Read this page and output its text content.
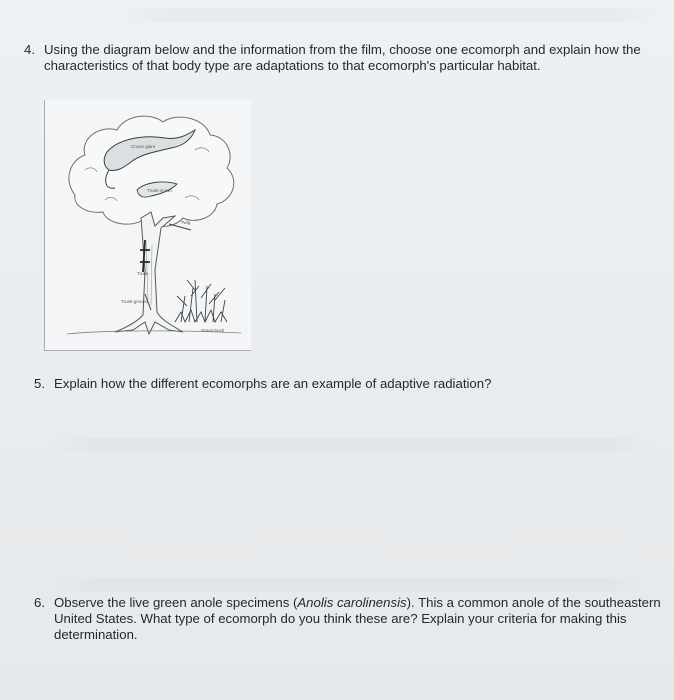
4. Using the diagram below and the information from the film, choose one ecomorph and explain how the
characteristics of that body type are adaptations to that ecomorph's particular habitat.
Crown giant
Trunk-crown
Twig
Trunk
Trunk-ground
Grass-bush
5. Explain how the different ecomorphs are an example of adaptive radiation?
6. Observe the live green anole specimens (Anolis carolinensis). This a common anole of the southeastern
United States. What type of ecomorph do you think these are? Explain your criteria for making this
determination.
